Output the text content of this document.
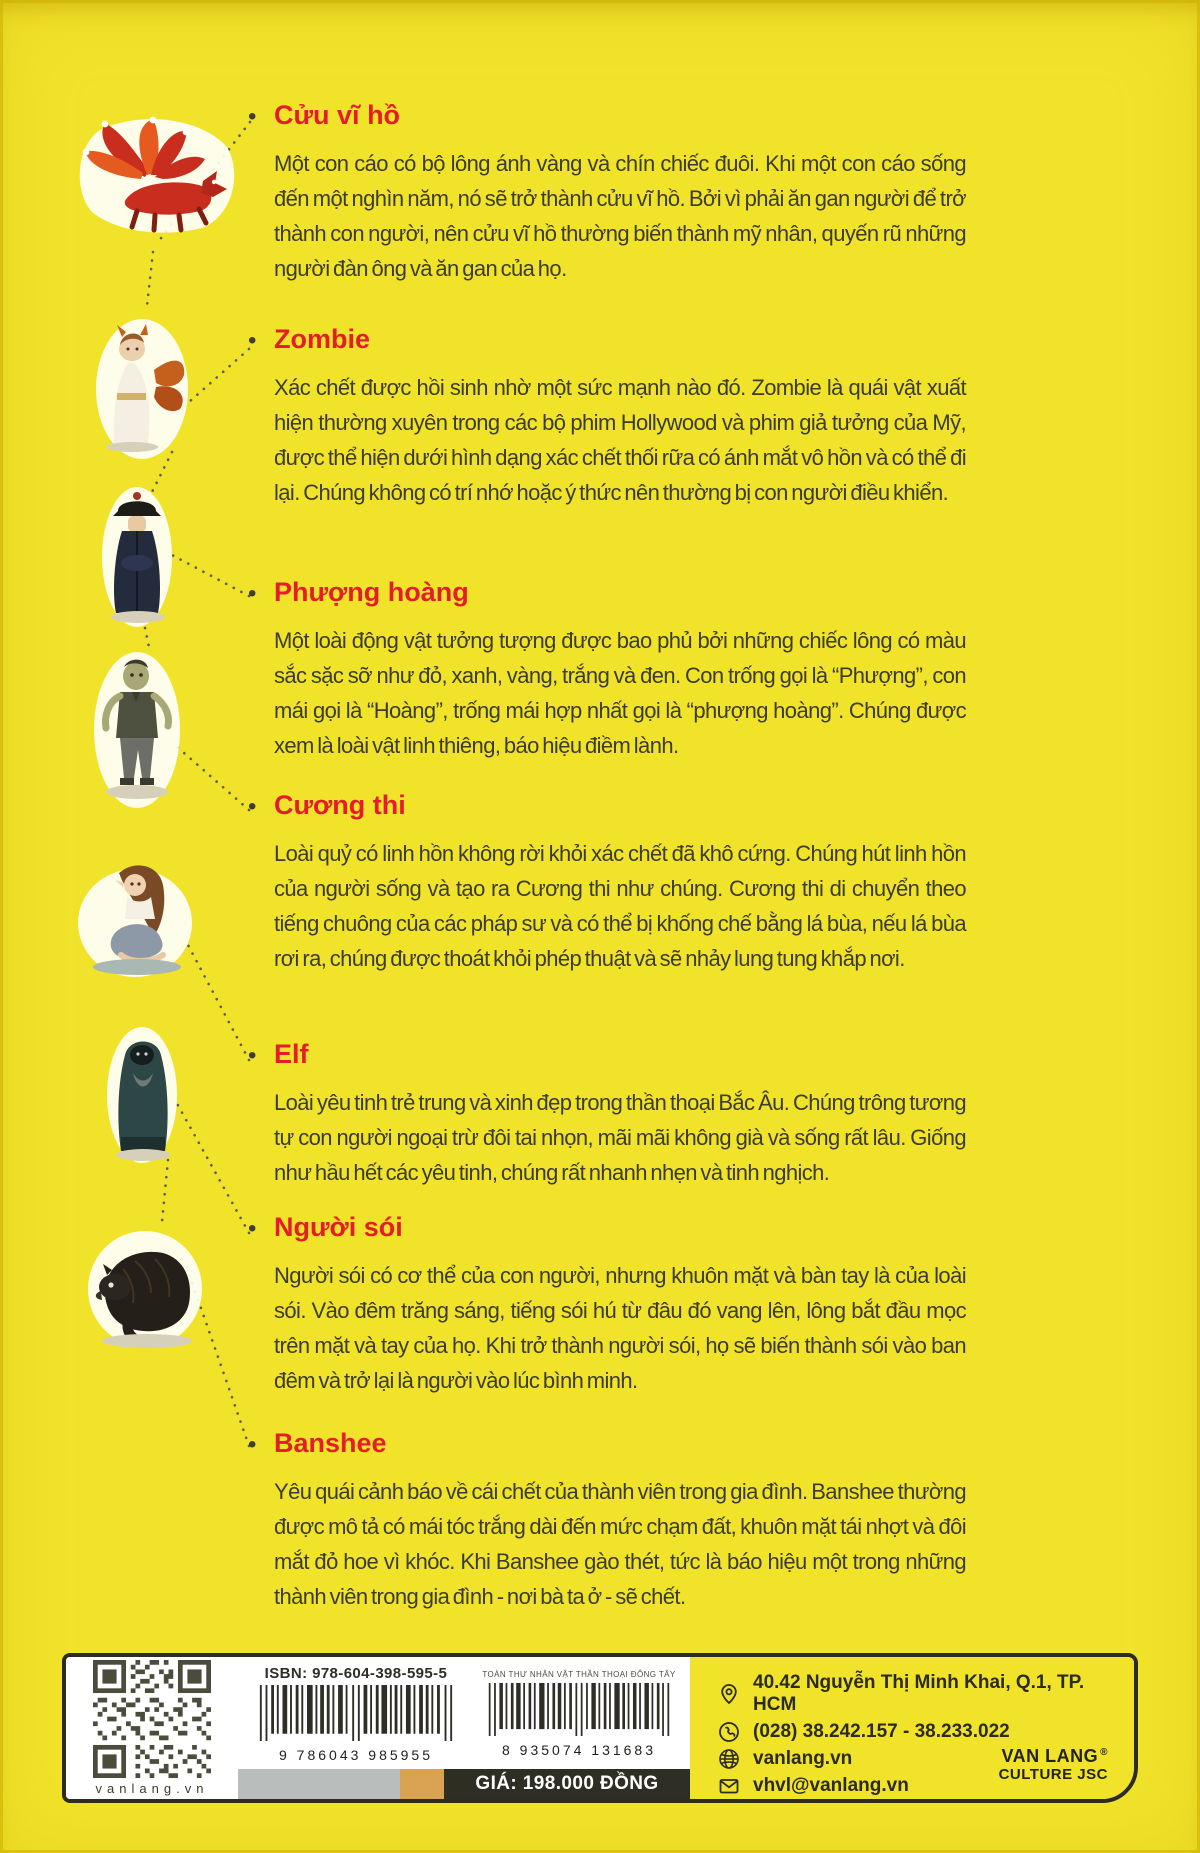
• Cửu vĩ hồ

Một con cáo có bộ lông ánh vàng và chín chiếc đuôi. Khi một con cáo sống đến một nghìn năm, nó sẽ trở thành cửu vĩ hồ. Bởi vì phải ăn gan người để trở thành con người, nên cửu vĩ hồ thường biến thành mỹ nhân, quyến rũ những người đàn ông và ăn gan của họ.

• Zombie

Xác chết được hồi sinh nhờ một sức mạnh nào đó. Zombie là quái vật xuất hiện thường xuyên trong các bộ phim Hollywood và phim giả tưởng của Mỹ, được thể hiện dưới hình dạng xác chết thối rữa có ánh mắt vô hồn và có thể đi lại. Chúng không có trí nhớ hoặc ý thức nên thường bị con người điều khiển.

• Phượng hoàng

Một loài động vật tưởng tượng được bao phủ bởi những chiếc lông có màu sắc sặc sỡ như đỏ, xanh, vàng, trắng và đen. Con trống gọi là “Phượng”, con mái gọi là “Hoàng”, trống mái hợp nhất gọi là “phượng hoàng”. Chúng được xem là loài vật linh thiêng, báo hiệu điềm lành.

• Cương thi

Loài quỷ có linh hồn không rời khỏi xác chết đã khô cứng. Chúng hút linh hồn của người sống và tạo ra Cương thi như chúng. Cương thi di chuyển theo tiếng chuông của các pháp sư và có thể bị khống chế bằng lá bùa, nếu lá bùa rơi ra, chúng được thoát khỏi phép thuật và sẽ nhảy lung tung khắp nơi.

• Elf

Loài yêu tinh trẻ trung và xinh đẹp trong thần thoại Bắc Âu. Chúng trông tương tự con người ngoại trừ đôi tai nhọn, mãi mãi không già và sống rất lâu. Giống như hầu hết các yêu tinh, chúng rất nhanh nhẹn và tinh nghịch.

• Người sói

Người sói có cơ thể của con người, nhưng khuôn mặt và bàn tay là của loài sói. Vào đêm trăng sáng, tiếng sói hú từ đâu đó vang lên, lông bắt đầu mọc trên mặt và tay của họ. Khi trở thành người sói, họ sẽ biến thành sói vào ban đêm và trở lại là người vào lúc bình minh.

• Banshee

Yêu quái cảnh báo về cái chết của thành viên trong gia đình. Banshee thường được mô tả có mái tóc trắng dài đến mức chạm đất, khuôn mặt tái nhợt và đôi mắt đỏ hoe vì khóc. Khi Banshee gào thét, tức là báo hiệu một trong những thành viên trong gia đình - nơi bà ta ở - sẽ chết.

vanlang.vn
ISBN: 978-604-398-595-5
9 786043 985955
TOÀN THƯ NHÂN VẬT THẦN THOẠI ĐÔNG TÂY
8 935074 131683
GIÁ: 198.000 ĐỒNG
40.42 Nguyễn Thị Minh Khai, Q.1, TP. HCM
(028) 38.242.157 - 38.233.022
vanlang.vn
vhvl@vanlang.vn
VAN LANG ®
CULTURE JSC
